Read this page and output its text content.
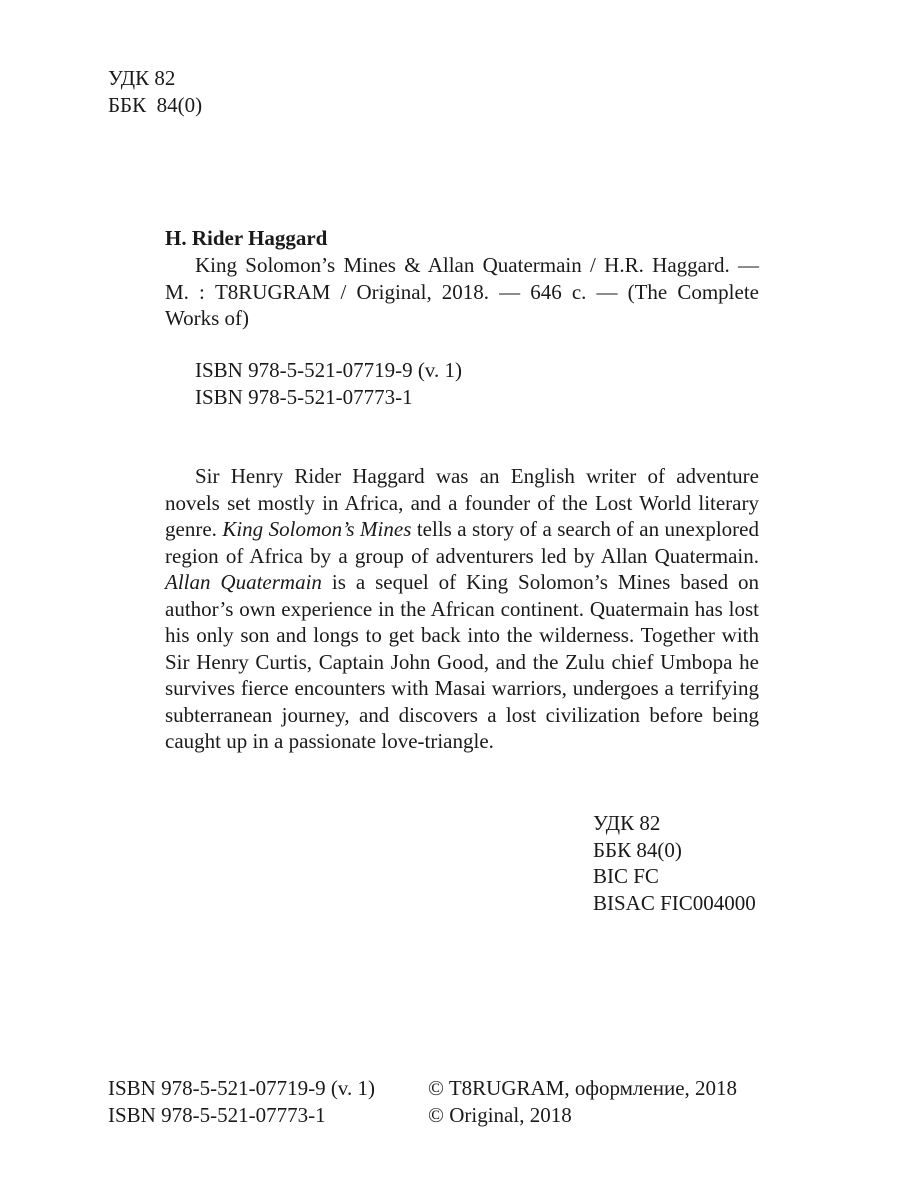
УДК 82
ББК  84(0)
H. Rider Haggard
King Solomon’s Mines & Allan Quatermain / H.R. Haggard. — М. : T8RUGRAM / Original, 2018. — 646 с. — (The Complete Works of)
ISBN 978-5-521-07719-9 (v. 1)
ISBN 978-5-521-07773-1
Sir Henry Rider Haggard was an English writer of adventure novels set mostly in Africa, and a founder of the Lost World literary genre. King Solomon’s Mines tells a story of a search of an unexplored region of Africa by a group of adventurers led by Allan Quatermain. Allan Quatermain is a sequel of King Solomon’s Mines based on author’s own experience in the African continent. Quatermain has lost his only son and longs to get back into the wilderness. Together with Sir Henry Curtis, Captain John Good, and the Zulu chief Umbopa he survives fierce encounters with Masai warriors, undergoes a terrifying subterranean journey, and discovers a lost civilization before being caught up in a passionate love-triangle.
УДК 82
ББК 84(0)
BIC FC
BISAC FIC004000
ISBN 978-5-521-07719-9 (v. 1)
ISBN 978-5-521-07773-1
© T8RUGRAM, оформление, 2018
© Original, 2018
